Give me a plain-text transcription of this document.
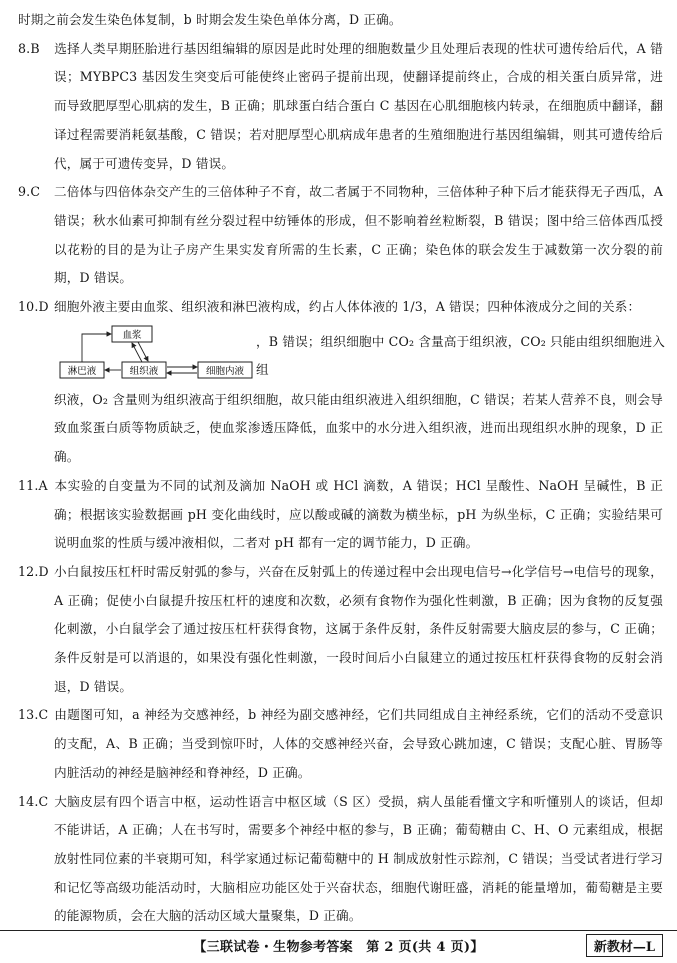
时期之前会发生染色体复制，b 时期会发生染色单体分离，D 正确。

8.B 选择人类早期胚胎进行基因组编辑的原因是此时处理的细胞数量少且处理后表现的性状可遗传给后代，A 错误；MYBPC3 基因发生突变后可能使终止密码子提前出现，使翻译提前终止，合成的相关蛋白质异常，进而导致肥厚型心肌病的发生，B 正确；肌球蛋白结合蛋白 C 基因在心肌细胞核内转录，在细胞质中翻译，翻译过程需要消耗氨基酸，C 错误；若对肥厚型心肌病成年患者的生殖细胞进行基因组编辑，则其可遗传给后代，属于可遗传变异，D 错误。

9.C 二倍体与四倍体杂交产生的三倍体种子不育，故二者属于不同物种，三倍体种子种下后才能获得无子西瓜，A 错误；秋水仙素可抑制有丝分裂过程中纺锤体的形成，但不影响着丝粒断裂，B 错误；图中给三倍体西瓜授以花粉的目的是为让子房产生果实发育所需的生长素，C 正确；染色体的联会发生于减数第一次分裂的前期，D 错误。

10.D 细胞外液主要由血浆、组织液和淋巴液构成，约占人体体液的 1/3，A 错误；四种体液成分之间的关系：

血浆
淋巴液	组织液	细胞内液

，B 错误；组织细胞中 CO₂ 含量高于组织液，CO₂ 只能由组织细胞进入组

织液，O₂ 含量则为组织液高于组织细胞，故只能由组织液进入组织细胞，C 错误；若某人营养不良，则会导致血浆蛋白质等物质缺乏，使血浆渗透压降低，血浆中的水分进入组织液，进而出现组织水肿的现象，D 正确。

11.A 本实验的自变量为不同的试剂及滴加 NaOH 或 HCl 滴数，A 错误；HCl 呈酸性、NaOH 呈碱性，B 正确；根据该实验数据画 pH 变化曲线时，应以酸或碱的滴数为横坐标，pH 为纵坐标，C 正确；实验结果可说明血浆的性质与缓冲液相似，二者对 pH 都有一定的调节能力，D 正确。

12.D 小白鼠按压杠杆时需反射弧的参与，兴奋在反射弧上的传递过程中会出现电信号→化学信号→电信号的现象，A 正确；促使小白鼠提升按压杠杆的速度和次数，必须有食物作为强化性刺激，B 正确；因为食物的反复强化刺激，小白鼠学会了通过按压杠杆获得食物，这属于条件反射，条件反射需要大脑皮层的参与，C 正确；条件反射是可以消退的，如果没有强化性刺激，一段时间后小白鼠建立的通过按压杠杆获得食物的反射会消退，D 错误。

13.C 由题图可知，a 神经为交感神经，b 神经为副交感神经，它们共同组成自主神经系统，它们的活动不受意识的支配，A、B 正确；当受到惊吓时，人体的交感神经兴奋，会导致心跳加速，C 错误；支配心脏、胃肠等内脏活动的神经是脑神经和脊神经，D 正确。

14.C 大脑皮层有四个语言中枢，运动性语言中枢区域（S 区）受损，病人虽能看懂文字和听懂别人的谈话，但却不能讲话，A 正确；人在书写时，需要多个神经中枢的参与，B 正确；葡萄糖由 C、H、O 元素组成，根据放射性同位素的半衰期可知，科学家通过标记葡萄糖中的 H 制成放射性示踪剂，C 错误；当受试者进行学习和记忆等高级功能活动时，大脑相应功能区处于兴奋状态，细胞代谢旺盛，消耗的能量增加，葡萄糖是主要的能源物质，会在大脑的活动区域大量聚集，D 正确。

【三联试卷・生物参考答案　第 2 页(共 4 页)】	新教材—L
